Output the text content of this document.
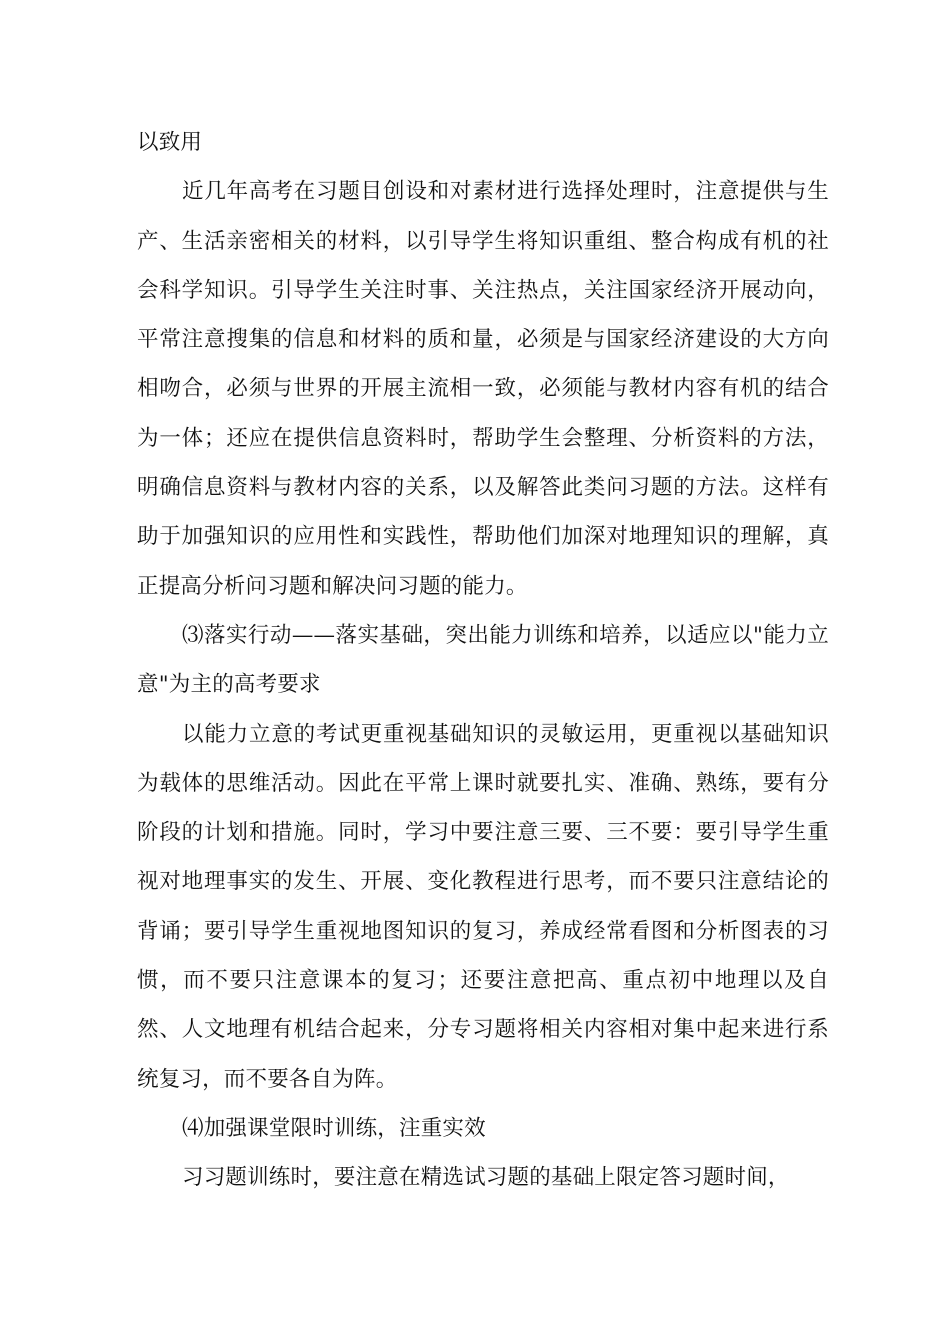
以致用

近几年高考在习题目创设和对素材进行选择处理时，注意提供与生产、生活亲密相关的材料，以引导学生将知识重组、整合构成有机的社会科学知识。引导学生关注时事、关注热点，关注国家经济开展动向，平常注意搜集的信息和材料的质和量，必须是与国家经济建设的大方向相吻合，必须与世界的开展主流相一致，必须能与教材内容有机的结合为一体；还应在提供信息资料时，帮助学生会整理、分析资料的方法，明确信息资料与教材内容的关系，以及解答此类问习题的方法。这样有助于加强知识的应用性和实践性，帮助他们加深对地理知识的理解，真正提高分析问习题和解决问习题的能力。

⑶落实行动——落实基础，突出能力训练和培养，以适应以"能力立意"为主的高考要求

以能力立意的考试更重视基础知识的灵敏运用，更重视以基础知识为载体的思维活动。因此在平常上课时就要扎实、准确、熟练，要有分阶段的计划和措施。同时，学习中要注意三要、三不要：要引导学生重视对地理事实的发生、开展、变化教程进行思考，而不要只注意结论的背诵；要引导学生重视地图知识的复习，养成经常看图和分析图表的习惯，而不要只注意课本的复习；还要注意把高、重点初中地理以及自然、人文地理有机结合起来，分专习题将相关内容相对集中起来进行系统复习，而不要各自为阵。

⑷加强课堂限时训练，注重实效

习习题训练时，要注意在精选试习题的基础上限定答习题时间，
